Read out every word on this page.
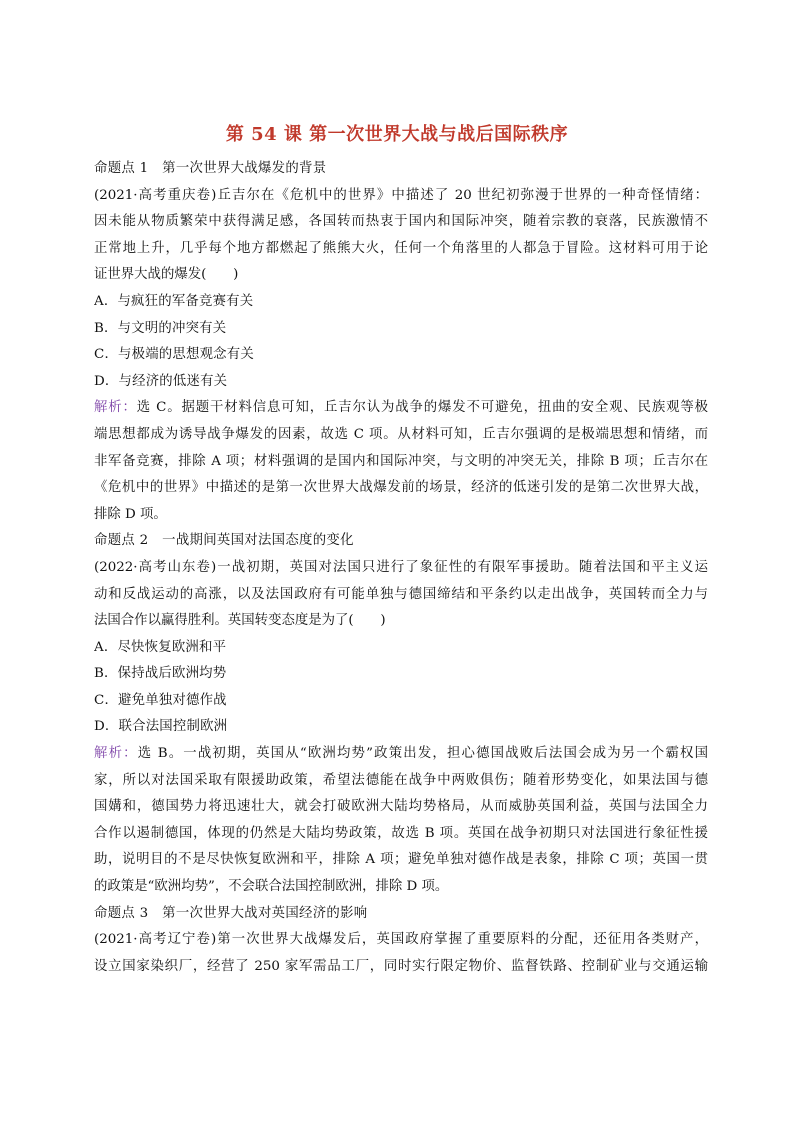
第 54 课 第一次世界大战与战后国际秩序
命题点 1　第一次世界大战爆发的背景
(2021·高考重庆卷)丘吉尔在《危机中的世界》中描述了 20 世纪初弥漫于世界的一种奇怪情绪：
因未能从物质繁荣中获得满足感，各国转而热衷于国内和国际冲突，随着宗教的衰落，民族激情不
正常地上升，几乎每个地方都燃起了熊熊大火，任何一个角落里的人都急于冒险。这材料可用于论
证世界大战的爆发(　　)
A．与疯狂的军备竞赛有关
B．与文明的冲突有关
C．与极端的思想观念有关
D．与经济的低迷有关
解析：选 C。据题干材料信息可知，丘吉尔认为战争的爆发不可避免，扭曲的安全观、民族观等极
端思想都成为诱导战争爆发的因素，故选 C 项。从材料可知，丘吉尔强调的是极端思想和情绪，而
非军备竞赛，排除 A 项；材料强调的是国内和国际冲突，与文明的冲突无关，排除 B 项；丘吉尔在
《危机中的世界》中描述的是第一次世界大战爆发前的场景，经济的低迷引发的是第二次世界大战，
排除 D 项。
命题点 2　一战期间英国对法国态度的变化
(2022·高考山东卷)一战初期，英国对法国只进行了象征性的有限军事援助。随着法国和平主义运
动和反战运动的高涨，以及法国政府有可能单独与德国缔结和平条约以走出战争，英国转而全力与
法国合作以赢得胜利。英国转变态度是为了(　　)
A．尽快恢复欧洲和平
B．保持战后欧洲均势
C．避免单独对德作战
D．联合法国控制欧洲
解析：选 B。一战初期，英国从“欧洲均势”政策出发，担心德国战败后法国会成为另一个霸权国
家，所以对法国采取有限援助政策，希望法德能在战争中两败俱伤；随着形势变化，如果法国与德
国媾和，德国势力将迅速壮大，就会打破欧洲大陆均势格局，从而威胁英国利益，英国与法国全力
合作以遏制德国，体现的仍然是大陆均势政策，故选 B 项。英国在战争初期只对法国进行象征性援
助，说明目的不是尽快恢复欧洲和平，排除 A 项；避免单独对德作战是表象，排除 C 项；英国一贯
的政策是“欧洲均势”，不会联合法国控制欧洲，排除 D 项。
命题点 3　第一次世界大战对英国经济的影响
(2021·高考辽宁卷)第一次世界大战爆发后，英国政府掌握了重要原料的分配，还征用各类财产，
设立国家染织厂，经营了 250 家军需品工厂，同时实行限定物价、监督铁路、控制矿业与交通运输
